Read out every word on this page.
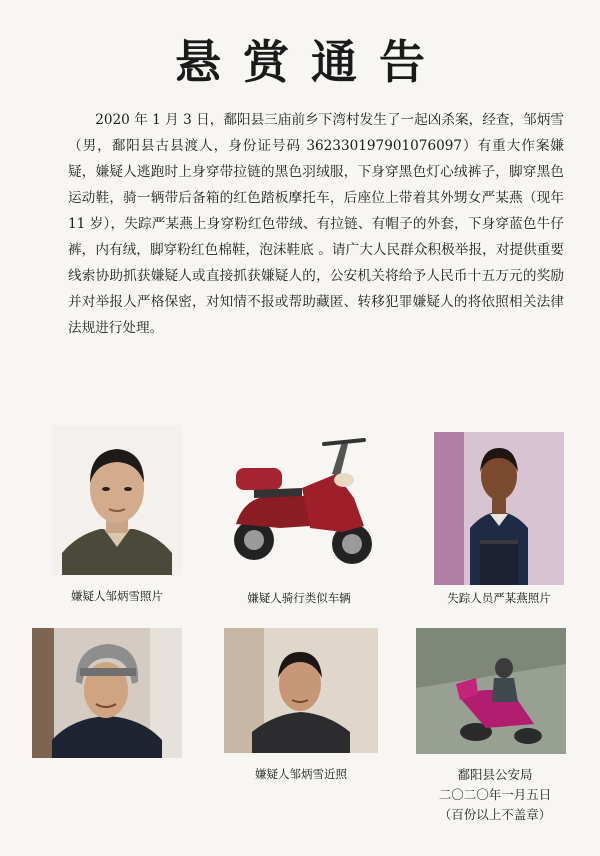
悬赏通告
2020 年 1 月 3 日，鄱阳县三庙前乡下湾村发生了一起凶杀案，经查，邹炳雪（男，鄱阳县古县渡人，身份证号码 362330197901076097）有重大作案嫌疑，嫌疑人逃跑时上身穿带拉链的黑色羽绒服，下身穿黑色灯心绒裤子，脚穿黑色运动鞋，骑一辆带后备箱的红色踏板摩托车，后座位上带着其外甥女严某燕（现年 11 岁），失踪严某燕上身穿粉红色带绒、有拉链、有帽子的外套，下身穿蓝色牛仔裤，内有绒，脚穿粉红色棉鞋，泡沫鞋底 。请广大人民群众积极举报，对提供重要线索协助抓获嫌疑人或直接抓获嫌疑人的，公安机关将给予人民币十五万元的奖励并对举报人严格保密，对知情不报或帮助藏匿、转移犯罪嫌疑人的将依照相关法律法规进行处理。
嫌疑人邹炳雪照片	嫌疑人骑行类似车辆	失踪人员严某燕照片
嫌疑人邹炳雪近照	鄱阳县公安局
二〇二〇年一月五日
（百份以上不盖章）
